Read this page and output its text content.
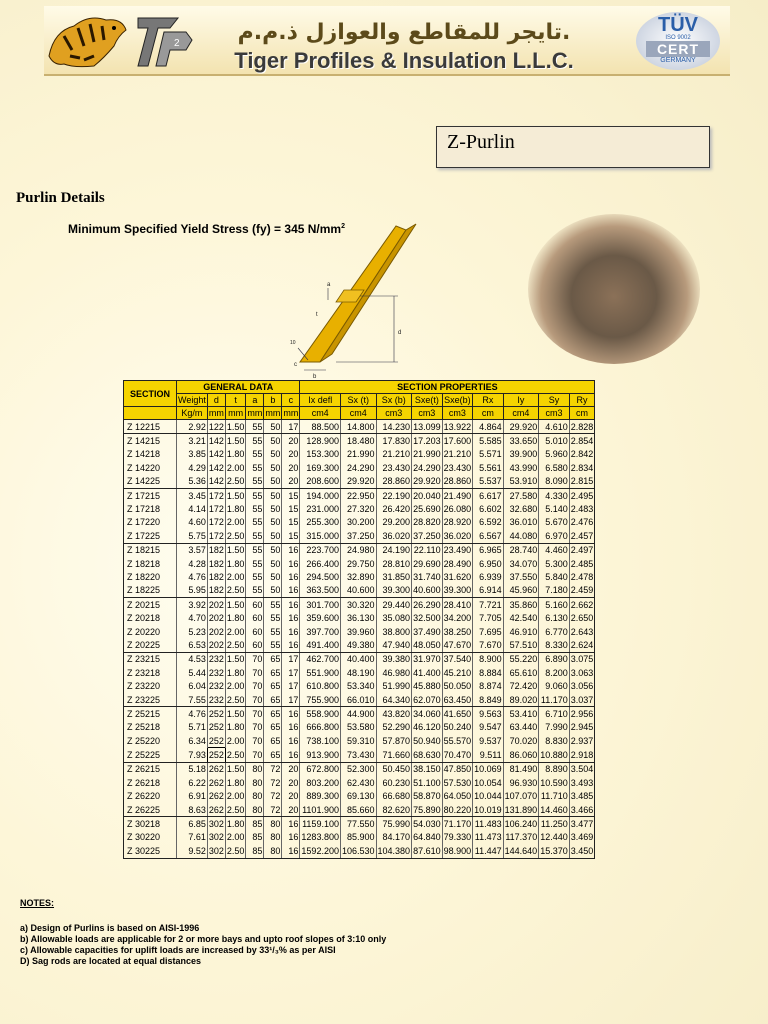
2	تايجر للمقاطع والعوازل ذ.م.م.
Tiger Profiles & Insulation L.L.C.
TÜV
ISO 9002
CERT
GERMANY
Z-Purlin
Purlin Details
Minimum Specified Yield Stress (fy) = 345 $N/mm^2$
a
t
d
b
c
10
SECTION	GENERAL DATA						SECTION PROPERTIES								
	Weight	d	t	a	b	c	Ix defl	Sx (t)	Sx (b)	Sxe(t)	Sxe(b)	Rx	Iy	Sy	Ry
	Kg/m	mm	mm	mm	mm	mm	cm4	cm4	cm3	cm3	cm3	cm	cm4	cm3	cm
Z 12215	2.92	122	1.50	55	50	17	88.500	14.800	14.230	13.099	13.922	4.864	29.920	4.610	2.828
Z 14215	3.21	142	1.50	55	50	20	128.900	18.480	17.830	17.203	17.600	5.585	33.650	5.010	2.854
Z 14218	3.85	142	1.80	55	50	20	153.300	21.990	21.210	21.990	21.210	5.571	39.900	5.960	2.842
Z 14220	4.29	142	2.00	55	50	20	169.300	24.290	23.430	24.290	23.430	5.561	43.990	6.580	2.834
Z 14225	5.36	142	2.50	55	50	20	208.600	29.920	28.860	29.920	28.860	5.537	53.910	8.090	2.815
Z 17215	3.45	172	1.50	55	50	15	194.000	22.950	22.190	20.040	21.490	6.617	27.580	4.330	2.495
Z 17218	4.14	172	1.80	55	50	15	231.000	27.320	26.420	25.690	26.080	6.602	32.680	5.140	2.483
Z 17220	4.60	172	2.00	55	50	15	255.300	30.200	29.200	28.820	28.920	6.592	36.010	5.670	2.476
Z 17225	5.75	172	2.50	55	50	15	315.000	37.250	36.020	37.250	36.020	6.567	44.080	6.970	2.457
Z 18215	3.57	182	1.50	55	50	16	223.700	24.980	24.190	22.110	23.490	6.965	28.740	4.460	2.497
Z 18218	4.28	182	1.80	55	50	16	266.400	29.750	28.810	29.690	28.490	6.950	34.070	5.300	2.485
Z 18220	4.76	182	2.00	55	50	16	294.500	32.890	31.850	31.740	31.620	6.939	37.550	5.840	2.478
Z 18225	5.95	182	2.50	55	50	16	363.500	40.600	39.300	40.600	39.300	6.914	45.960	7.180	2.459
Z 20215	3.92	202	1.50	60	55	16	301.700	30.320	29.440	26.290	28.410	7.721	35.860	5.160	2.662
Z 20218	4.70	202	1.80	60	55	16	359.600	36.130	35.080	32.500	34.200	7.705	42.540	6.130	2.650
Z 20220	5.23	202	2.00	60	55	16	397.700	39.960	38.800	37.490	38.250	7.695	46.910	6.770	2.643
Z 20225	6.53	202	2.50	60	55	16	491.400	49.380	47.940	48.050	47.670	7.670	57.510	8.330	2.624
Z 23215	4.53	232	1.50	70	65	17	462.700	40.400	39.380	31.970	37.540	8.900	55.220	6.890	3.075
Z 23218	5.44	232	1.80	70	65	17	551.900	48.190	46.980	41.400	45.210	8.884	65.610	8.200	3.063
Z 23220	6.04	232	2.00	70	65	17	610.800	53.340	51.990	45.880	50.050	8.874	72.420	9.060	3.056
Z 23225	7.55	232	2.50	70	65	17	755.900	66.010	64.340	62.070	63.450	8.849	89.020	11.170	3.037
Z 25215	4.76	252	1.50	70	65	16	558.900	44.900	43.820	34.060	41.650	9.563	53.410	6.710	2.956
Z 25218	5.71	252	1.80	70	65	16	666.800	53.580	52.290	46.120	50.240	9.547	63.440	7.990	2.945
Z 25220	6.34	252	2.00	70	65	16	738.100	59.310	57.870	50.940	55.570	9.537	70.020	8.830	2.937
Z 25225	7.93	252	2.50	70	65	16	913.900	73.430	71.660	68.630	70.470	9.511	86.060	10.880	2.918
Z 26215	5.18	262	1.50	80	72	20	672.800	52.300	50.450	38.150	47.850	10.069	81.490	8.890	3.504
Z 26218	6.22	262	1.80	80	72	20	803.200	62.430	60.230	51.100	57.530	10.054	96.930	10.590	3.493
Z 26220	6.91	262	2.00	80	72	20	889.300	69.130	66.680	58.870	64.050	10.044	107.070	11.710	3.485
Z 26225	8.63	262	2.50	80	72	20	1101.900	85.660	82.620	75.890	80.220	10.019	131.890	14.460	3.466
Z 30218	6.85	302	1.80	85	80	16	1159.100	77.550	75.990	54.030	71.170	11.483	106.240	11.250	3.477
Z 30220	7.61	302	2.00	85	80	16	1283.800	85.900	84.170	64.840	79.330	11.473	117.370	12.440	3.469
Z 30225	9.52	302	2.50	85	80	16	1592.200	106.530	104.380	87.610	98.900	11.447	144.640	15.370	3.450
NOTES:
a) Design of Purlins is based on AISI-1996
b) Allowable loads are applicable for 2 or more bays and upto roof slopes of 3:10 only
c) Allowable capacities for uplift loads are increased by 33¹/₃% as per AISI
D) Sag rods are located at equal distances
